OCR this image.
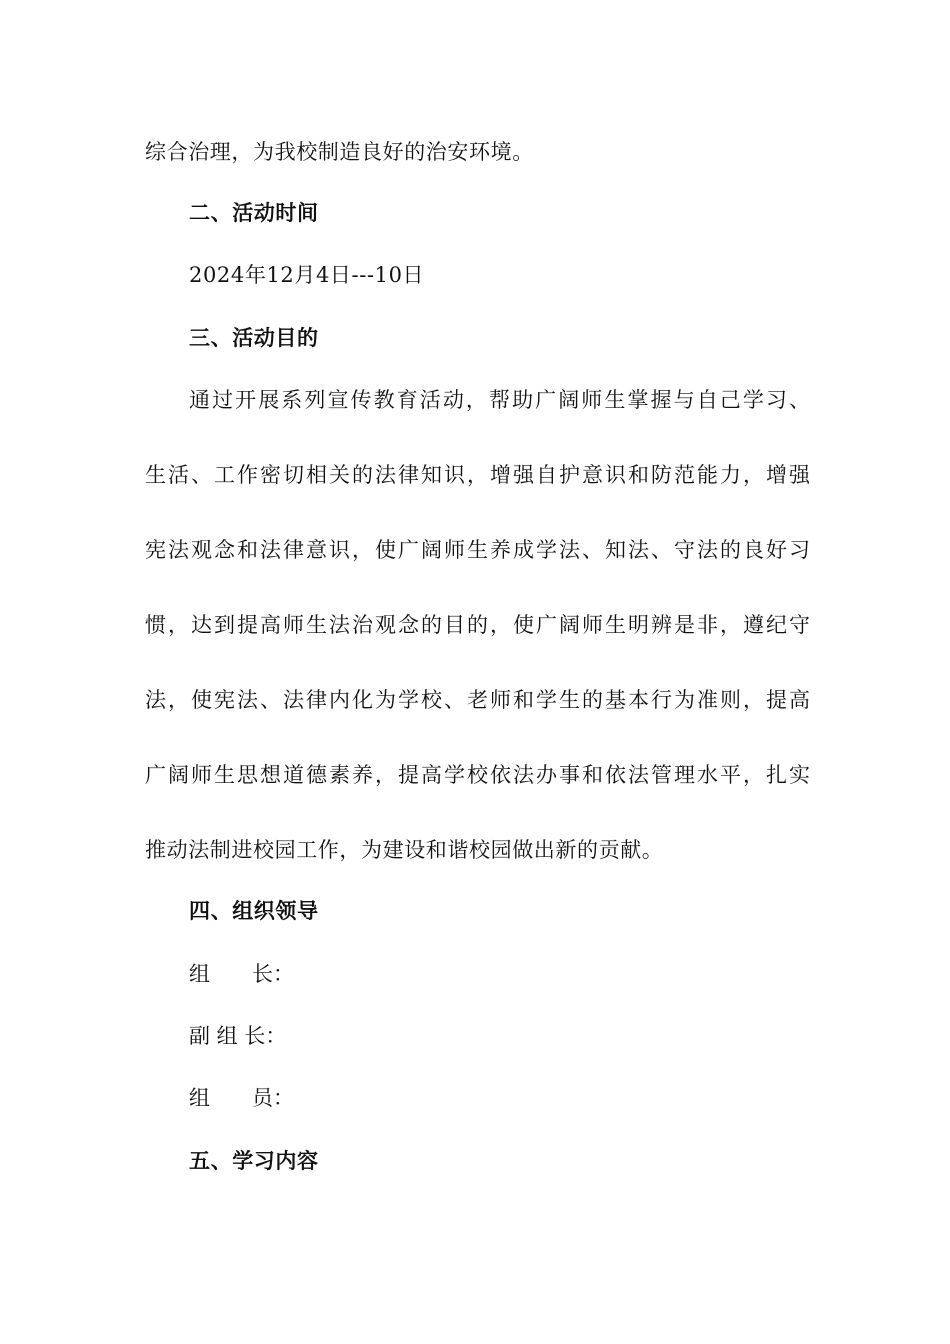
综合治理，为我校制造良好的治安环境。
二、活动时间
2024年12月4日---10日
三、活动目的
通过开展系列宣传教育活动，帮助广阔师生掌握与自己学习、
生活、工作密切相关的法律知识，增强自护意识和防范能力，增强
宪法观念和法律意识，使广阔师生养成学法、知法、守法的良好习
惯，达到提高师生法治观念的目的，使广阔师生明辨是非，遵纪守
法，使宪法、法律内化为学校、老师和学生的基本行为准则，提高
广阔师生思想道德素养，提高学校依法办事和依法管理水平，扎实
推动法制进校园工作，为建设和谐校园做出新的贡献。
四、组织领导
组　　长：
副 组 长：
组　　员：
五、学习内容
